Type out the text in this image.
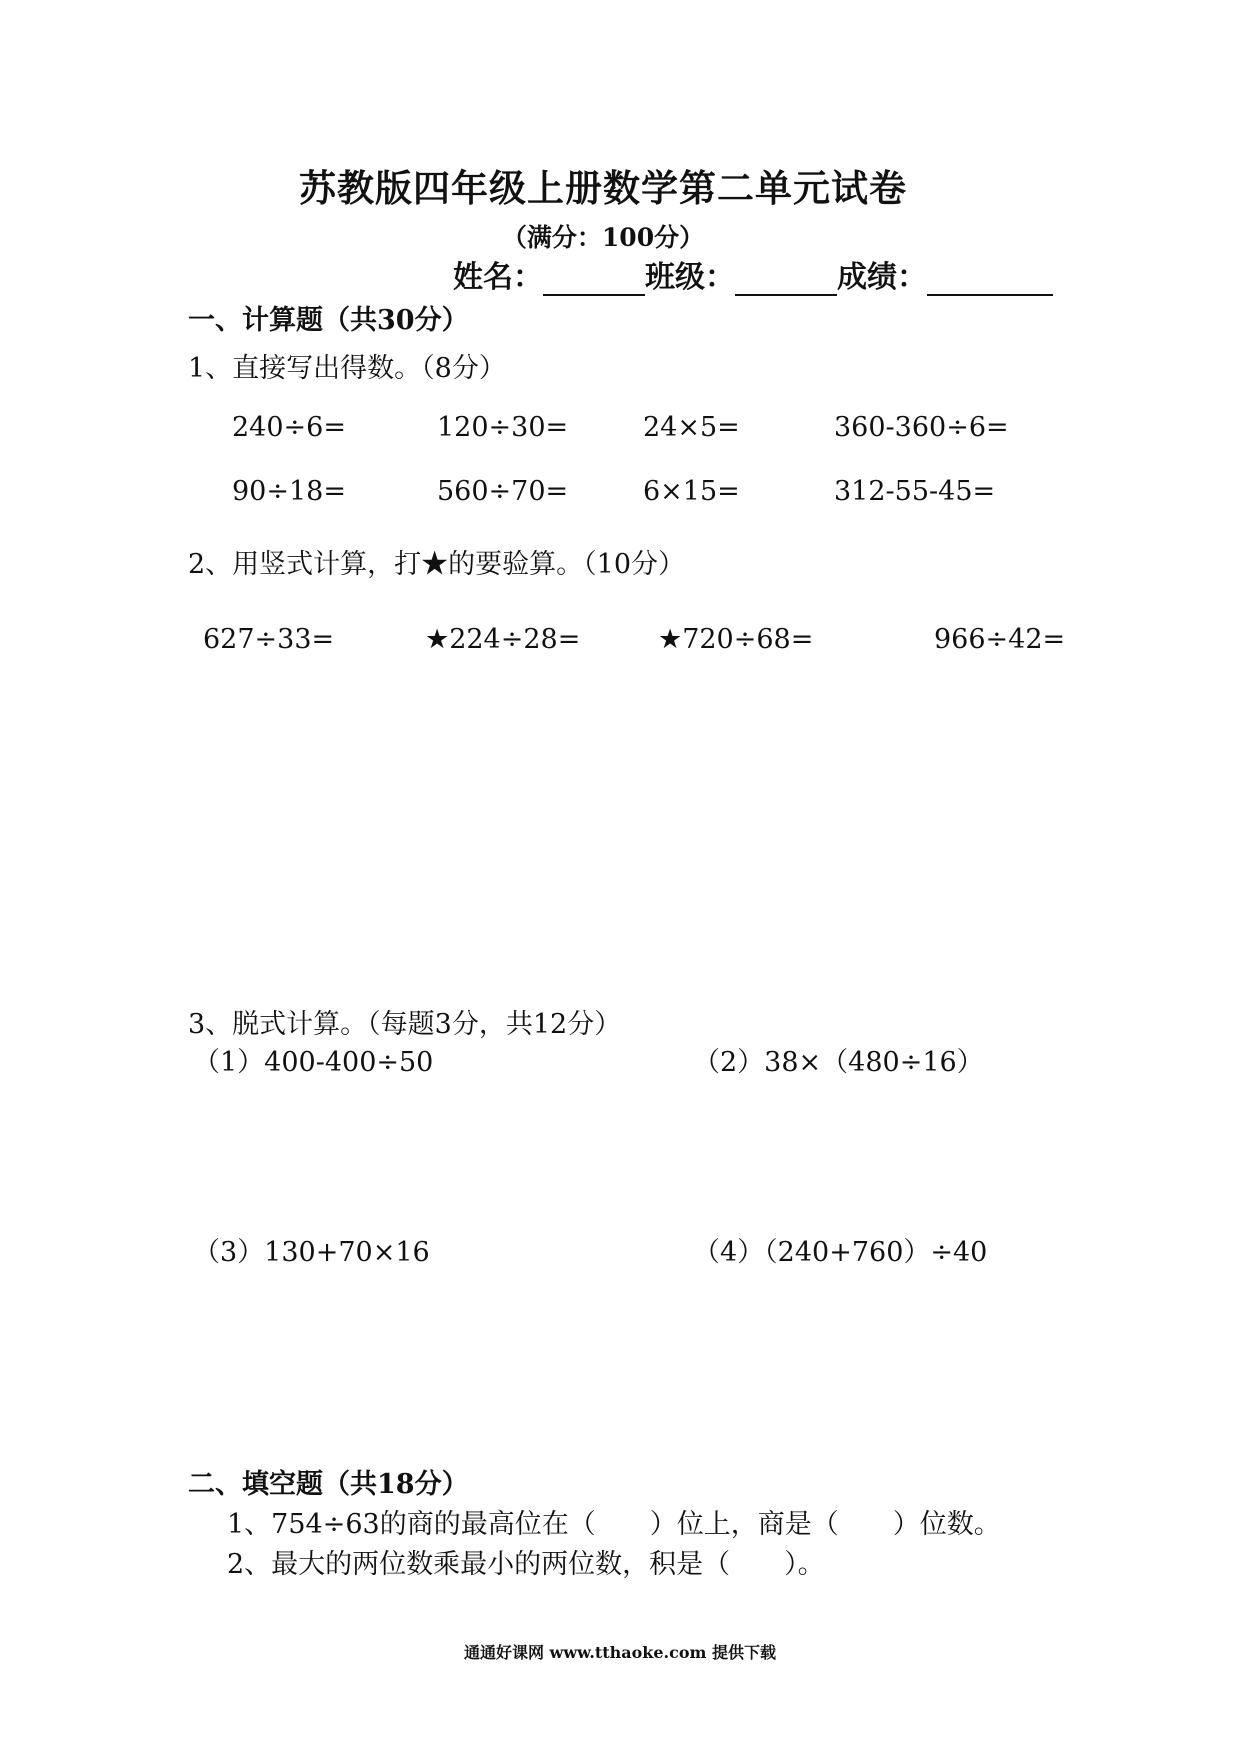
苏教版四年级上册数学第二单元试卷
（满分：100分）
姓名：	班级：	成绩：
一、计算题（共30分）
1、直接写出得数。（8分）
240÷6=	120÷30=	24×5=	360-360÷6=
90÷18=	560÷70=	6×15=	312-55-45=
2、用竖式计算，打★的要验算。（10分）
627÷33=	★224÷28=	★720÷68=	966÷42=
3、脱式计算。（每题3分，共12分）
（1）400-400÷50	（2）38×（480÷16）
（3）130+70×16	（4）（240+760）÷40
二、填空题（共18分）
1、754÷63的商的最高位在（　　）位上，商是（　　）位数。
2、最大的两位数乘最小的两位数，积是（　　）。
通通好课网 www.tthaoke.com 提供下载
